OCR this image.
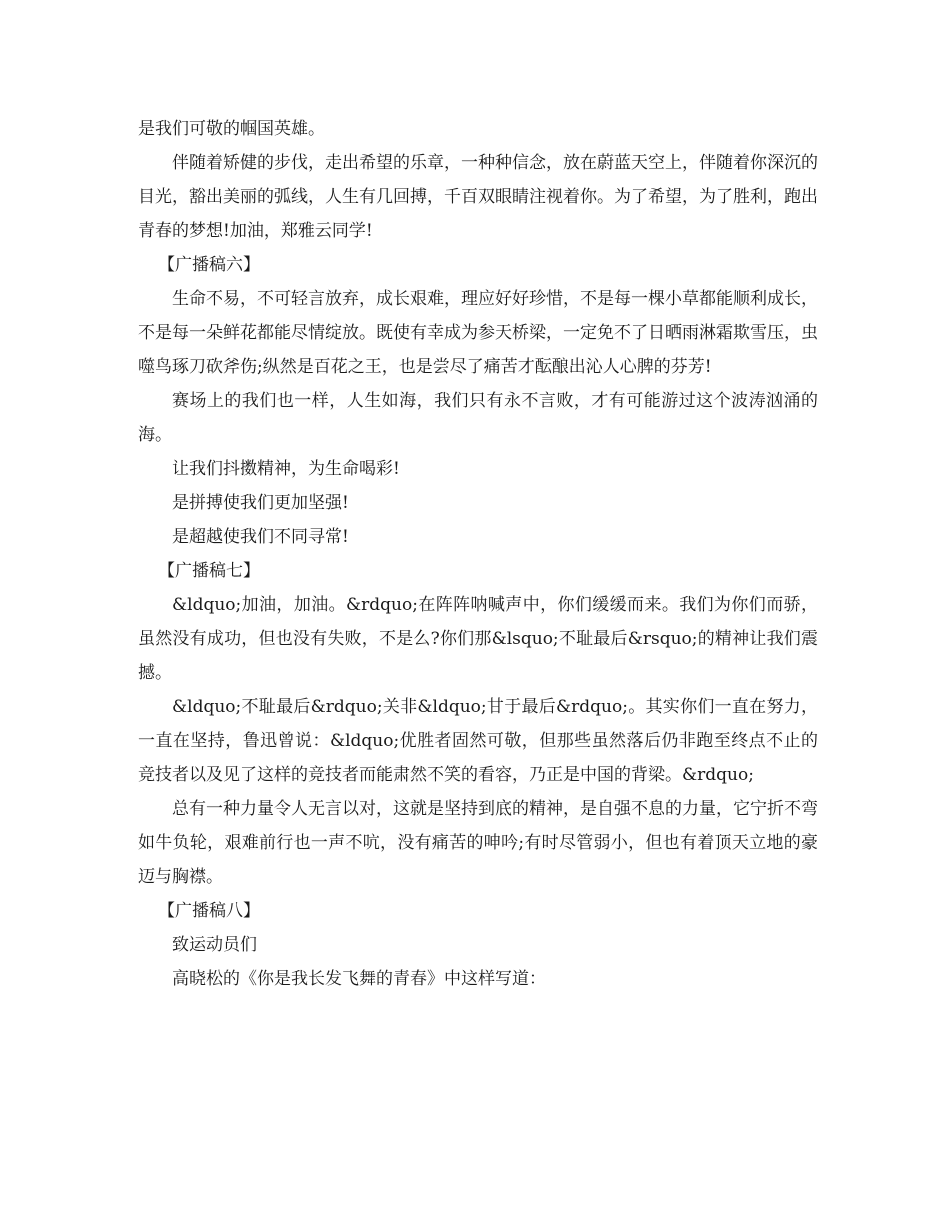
是我们可敬的帼国英雄。

伴随着矫健的步伐，走出希望的乐章，一种种信念，放在蔚蓝天空上，伴随着你深沉的目光，豁出美丽的弧线，人生有几回搏，千百双眼睛注视着你。为了希望，为了胜利，跑出青春的梦想!加油，郑雅云同学!

【广播稿六】

生命不易，不可轻言放弃，成长艰难，理应好好珍惜，不是每一棵小草都能顺利成长，不是每一朵鲜花都能尽情绽放。既使有幸成为参天桥梁，一定免不了日晒雨淋霜欺雪压，虫噬鸟琢刀砍斧伤;纵然是百花之王，也是尝尽了痛苦才酝酿出沁人心脾的芬芳!

赛场上的我们也一样，人生如海，我们只有永不言败，才有可能游过这个波涛汹涌的海。

让我们抖擞精神，为生命喝彩!

是拼搏使我们更加坚强!

是超越使我们不同寻常!

【广播稿七】

&ldquo;加油，加油。&rdquo;在阵阵呐喊声中，你们缓缓而来。我们为你们而骄，虽然没有成功，但也没有失败，不是么?你们那&lsquo;不耻最后&rsquo;的精神让我们震撼。

&ldquo;不耻最后&rdquo;关非&ldquo;甘于最后&rdquo;。其实你们一直在努力，一直在坚持，鲁迅曾说：&ldquo;优胜者固然可敬，但那些虽然落后仍非跑至终点不止的竞技者以及见了这样的竞技者而能肃然不笑的看容，乃正是中国的背梁。&rdquo;

总有一种力量令人无言以对，这就是坚持到底的精神，是自强不息的力量，它宁折不弯如牛负轮，艰难前行也一声不吭，没有痛苦的呻吟;有时尽管弱小，但也有着顶天立地的豪迈与胸襟。

【广播稿八】

致运动员们

高晓松的《你是我长发飞舞的青春》中这样写道：
